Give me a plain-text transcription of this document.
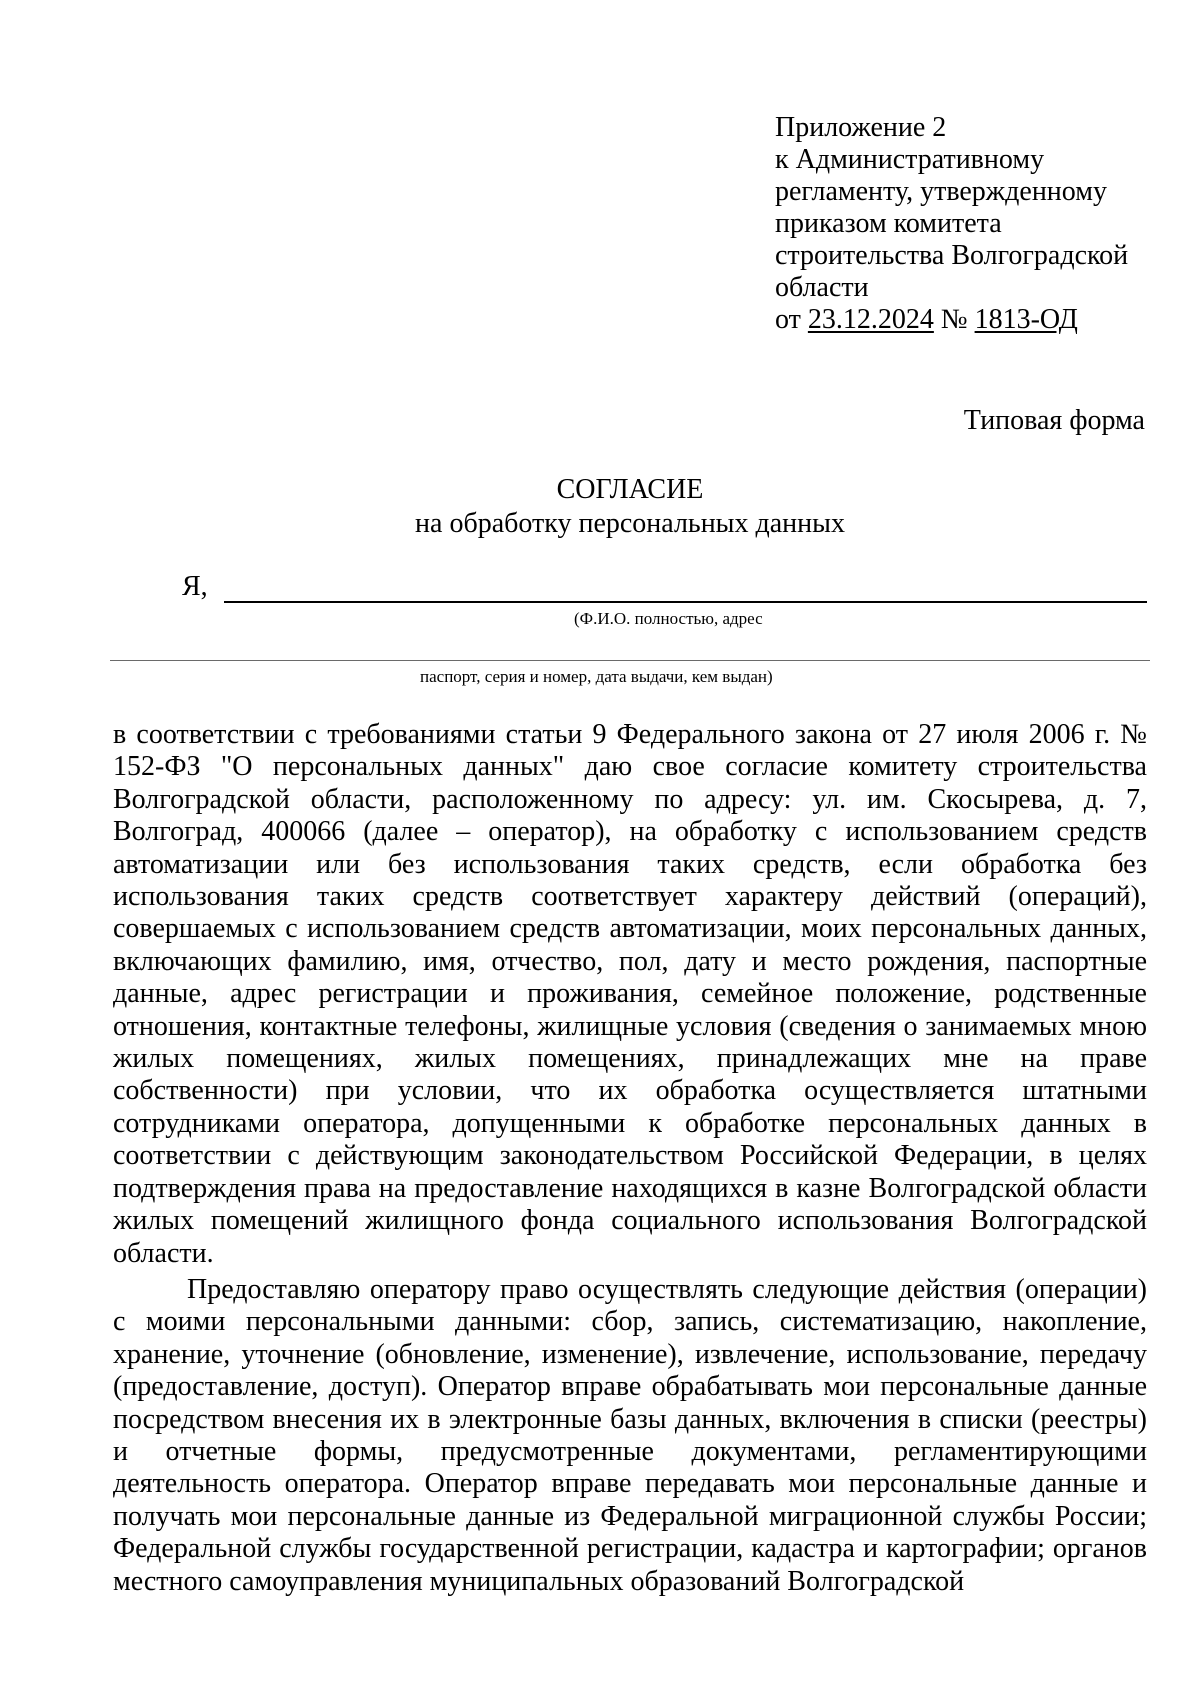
Приложение 2
к Административному
регламенту, утвержденному
приказом комитета
строительства Волгоградской
области
от 23.12.2024 № 1813-ОД
Типовая форма
СОГЛАСИЕ
на обработку персональных данных
Я,
(Ф.И.О. полностью, адрес
паспорт, серия и номер, дата выдачи, кем выдан)

в соответствии с требованиями статьи 9 Федерального закона от 27 июля 2006 г. № 152-ФЗ "О персональных данных" даю свое согласие комитету строительства Волгоградской области, расположенному по адресу: ул. им. Скосырева, д. 7, Волгоград, 400066 (далее – оператор), на обработку с использованием средств автоматизации или без использования таких средств, если обработка без использования таких средств соответствует характеру действий (операций), совершаемых с использованием средств автоматизации, моих персональных данных, включающих фамилию, имя, отчество, пол, дату и место рождения, паспортные данные, адрес регистрации и проживания, семейное положение, родственные отношения, контактные телефоны, жилищные условия (сведения о занимаемых мною жилых помещениях, жилых помещениях, принадлежащих мне на праве собственности) при условии, что их обработка осуществляется штатными сотрудниками оператора, допущенными к обработке персональных данных в соответствии с действующим законодательством Российской Федерации, в целях подтверждения права на предоставление находящихся в казне Волгоградской области жилых помещений жилищного фонда социального использования Волгоградской области.

Предоставляю оператору право осуществлять следующие действия (операции) с моими персональными данными: сбор, запись, систематизацию, накопление, хранение, уточнение (обновление, изменение), извлечение, использование, передачу (предоставление, доступ). Оператор вправе обрабатывать мои персональные данные посредством внесения их в электронные базы данных, включения в списки (реестры) и отчетные формы, предусмотренные документами, регламентирующими деятельность оператора. Оператор вправе передавать мои персональные данные и получать мои персональные данные из Федеральной миграционной службы России; Федеральной службы государственной регистрации, кадастра и картографии; органов местного самоуправления муниципальных образований Волгоградской
